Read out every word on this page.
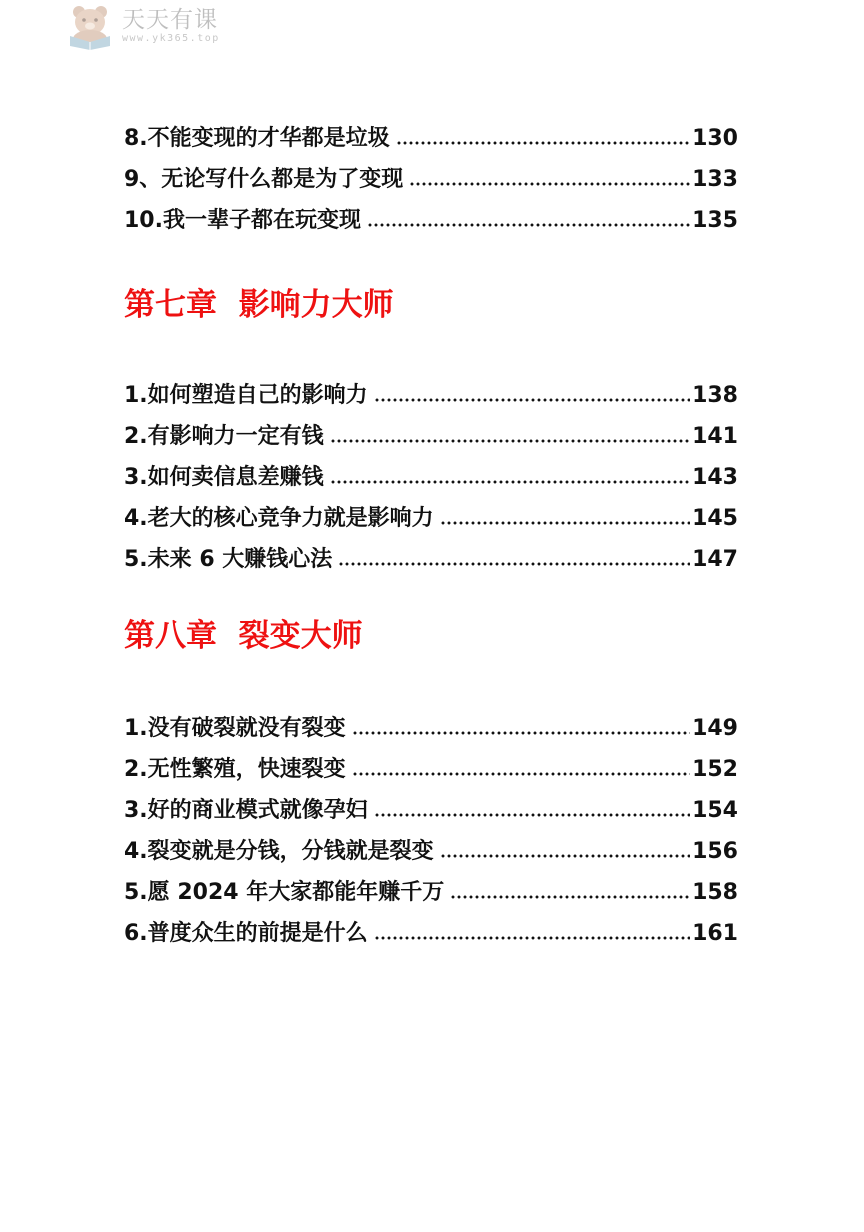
天天有课
www.yk365.top
8.不能变现的才华都是垃圾	130
9、无论写什么都是为了变现	133
10.我一辈子都在玩变现	135
第七章  影响力大师
1.如何塑造自己的影响力	138
2.有影响力一定有钱	141
3.如何卖信息差赚钱	143
4.老大的核心竞争力就是影响力	145
5.未来 6 大赚钱心法	147
第八章  裂变大师
1.没有破裂就没有裂变	149
2.无性繁殖，快速裂变	152
3.好的商业模式就像孕妇	154
4.裂变就是分钱，分钱就是裂变	156
5.愿 2024 年大家都能年赚千万	158
6.普度众生的前提是什么	161
